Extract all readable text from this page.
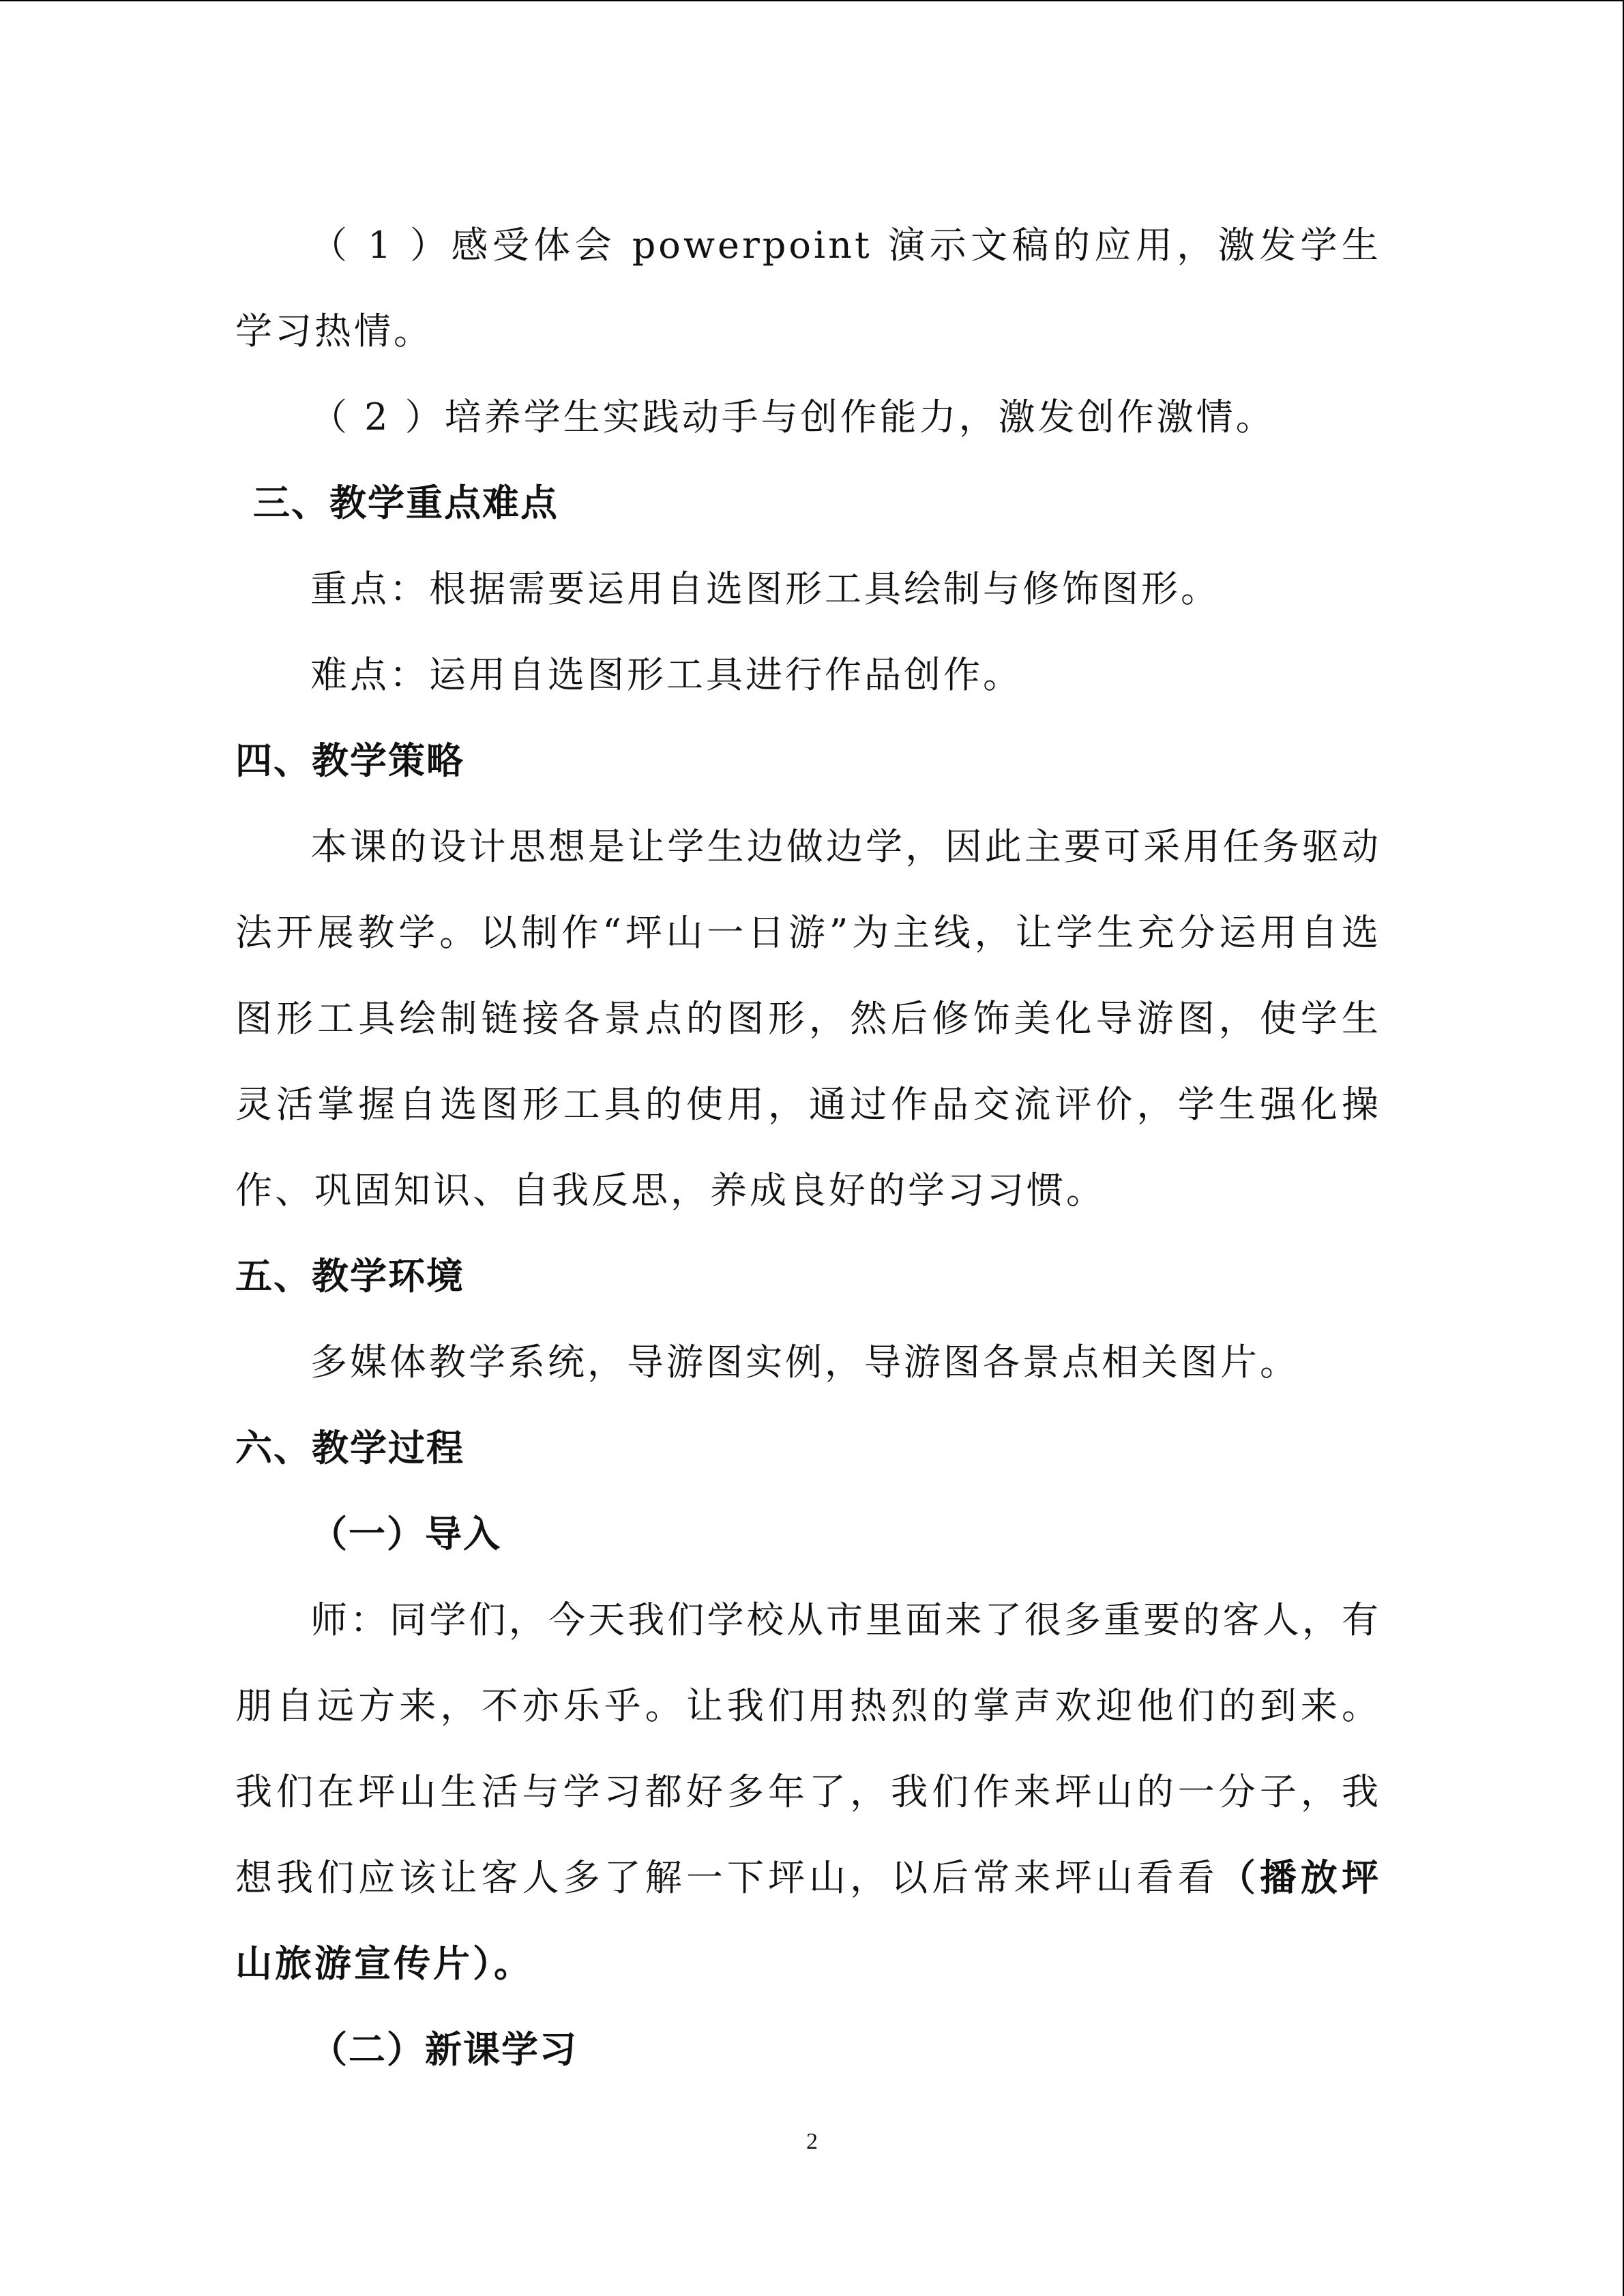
（ 1 ）感受体会 powerpoint 演示文稿的应用，激发学生学习热情。

（ 2 ）培养学生实践动手与创作能力，激发创作激情。

三、教学重点难点

重点：根据需要运用自选图形工具绘制与修饰图形。

难点：运用自选图形工具进行作品创作。

四、教学策略

本课的设计思想是让学生边做边学，因此主要可采用任务驱动法开展教学。以制作“坪山一日游”为主线，让学生充分运用自选图形工具绘制链接各景点的图形，然后修饰美化导游图，使学生灵活掌握自选图形工具的使用，通过作品交流评价，学生强化操作、巩固知识、自我反思，养成良好的学习习惯。

五、教学环境

多媒体教学系统，导游图实例，导游图各景点相关图片。

六、教学过程

（一）导入

师：同学们，今天我们学校从市里面来了很多重要的客人，有朋自远方来，不亦乐乎。让我们用热烈的掌声欢迎他们的到来。我们在坪山生活与学习都好多年了，我们作来坪山的一分子，我想我们应该让客人多了解一下坪山，以后常来坪山看看（播放坪山旅游宣传片）。

（二）新课学习

2
